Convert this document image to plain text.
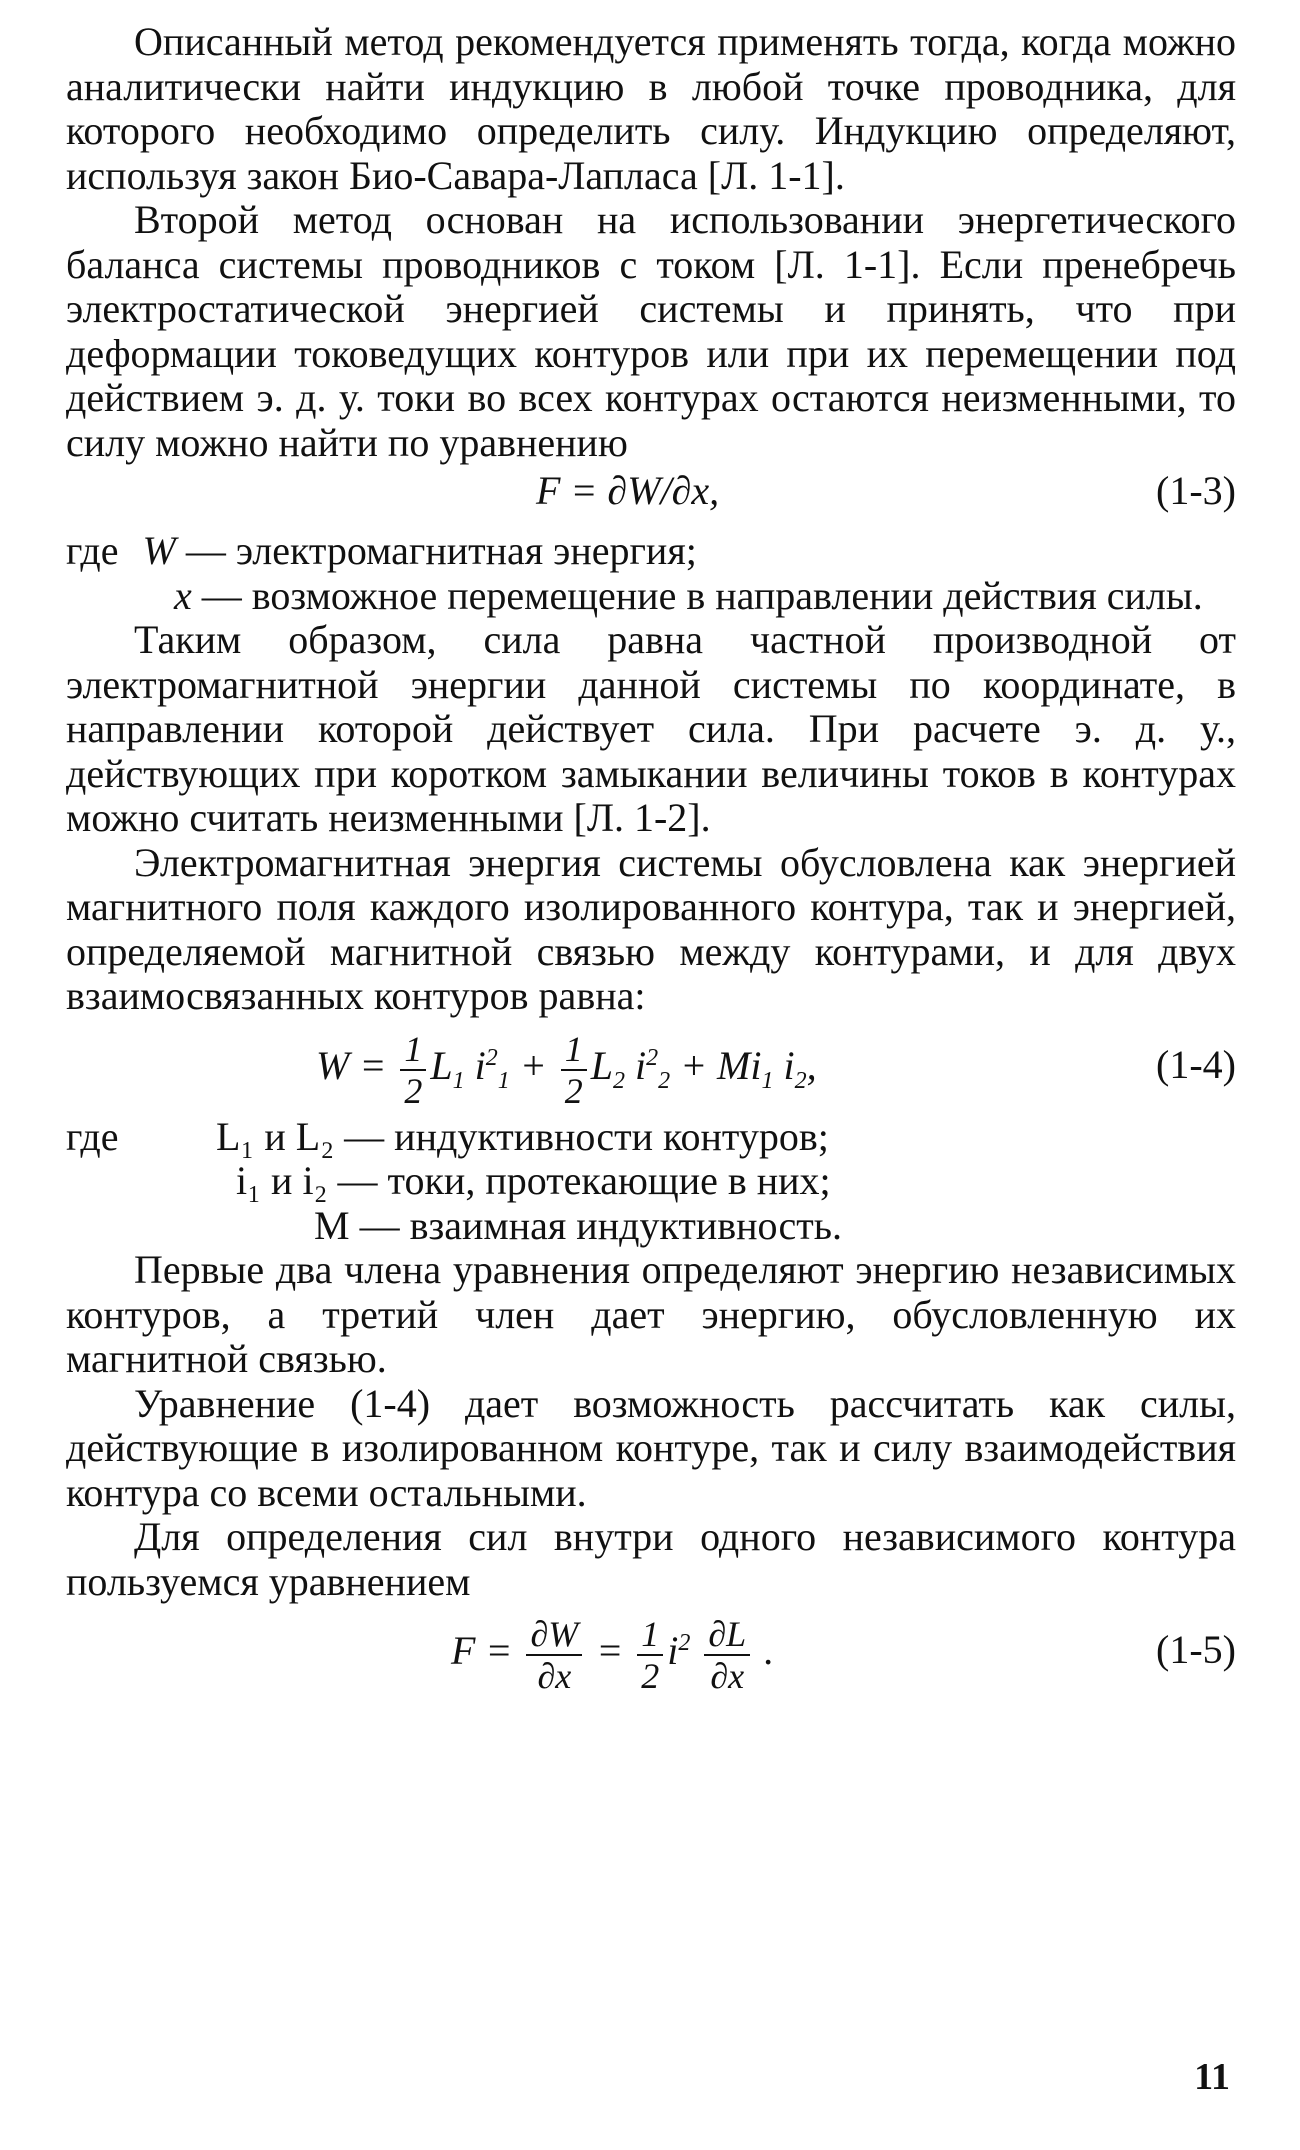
Описанный метод рекомендуется применять тогда, когда можно аналитически найти индукцию в любой точке проводника, для которого необходимо определить силу. Индукцию определяют, используя закон Био-Савара-Лапласа [Л. 1-1].

Второй метод основан на использовании энергетического баланса системы проводников с током [Л. 1-1]. Если пренебречь электростатической энергией системы и принять, что при деформации токоведущих контуров или при их перемещении под действием э. д. у. токи во всех контурах остаются неизменными, то силу можно найти по уравнению

F = ∂W/∂x,	(1-3)
где W — электромагнитная энергия;
x — возможное перемещение в направлении действия силы.

Таким образом, сила равна частной производной от электромагнитной энергии данной системы по координате, в направлении которой действует сила. При расчете э. д. у., действующих при коротком замыкании величины токов в контурах можно считать неизменными [Л. 1-2].

Электромагнитная энергия системы обусловлена как энергией магнитного поля каждого изолированного контура, так и энергией, определяемой магнитной связью между контурами, и для двух взаимосвязанных контуров равна:

$W = \frac{1}{2} L_1$ $i^2_1 + \frac{1}{2} L_2$ $i^2_2 + Mi_1$ $i_2$,	(1-4)
где L₁ и L₂ — индуктивности контуров;
i₁ и i₂ — токи, протекающие в них;
M — взаимная индуктивность.

Первые два члена уравнения определяют энергию независимых контуров, а третий член дает энергию, обусловленную их магнитной связью.

Уравнение (1-4) дает возможность рассчитать как силы, действующие в изолированном контуре, так и силу взаимодействия контура со всеми остальными.

Для определения сил внутри одного независимого контура пользуемся уравнением

$F = \frac{\partial W}{\partial x} = \frac{1}{2} i^2 \frac{\partial L}{\partial x}$ .	(1-5)
11
